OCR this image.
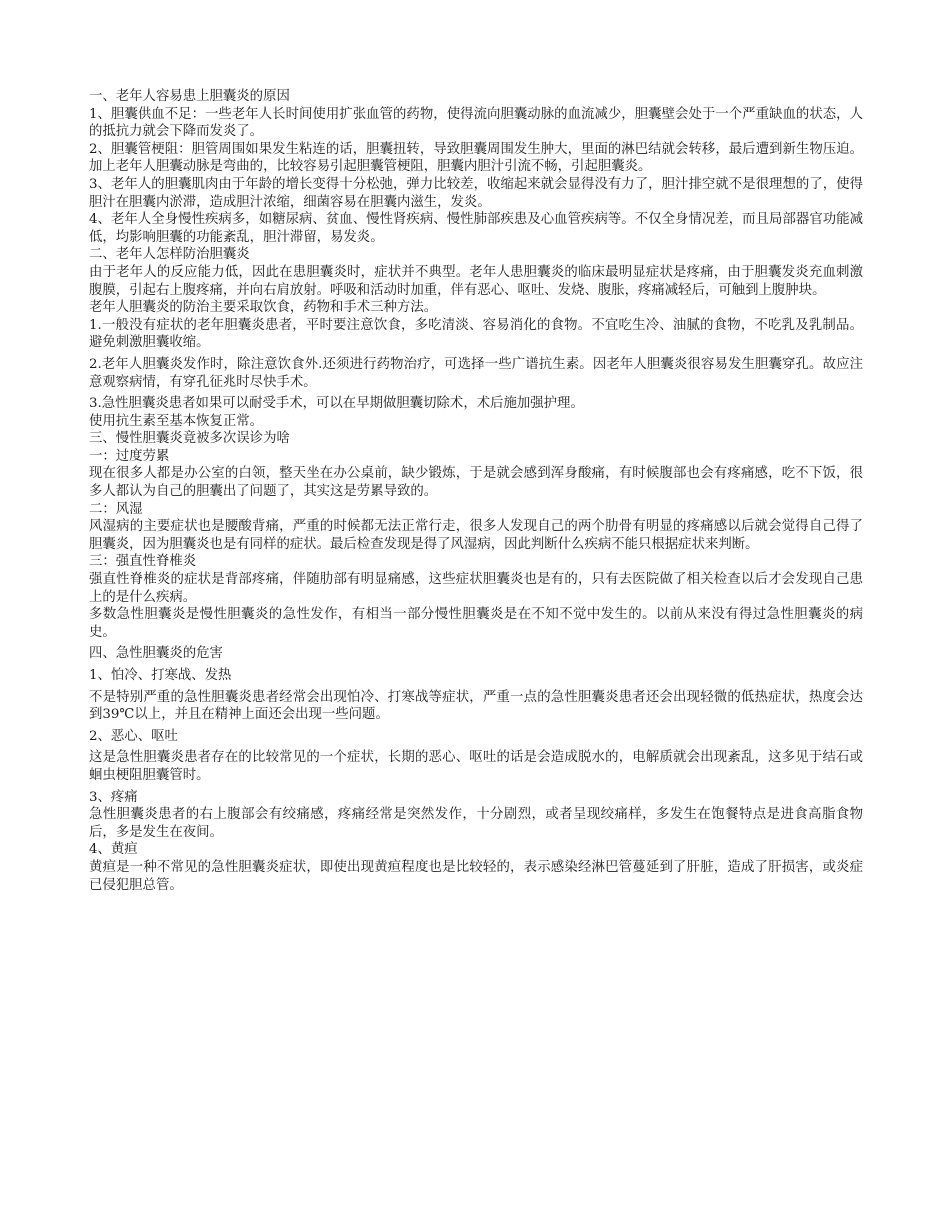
一、老年人容易患上胆囊炎的原因

1、胆囊供血不足：一些老年人长时间使用扩张血管的药物，使得流向胆囊动脉的血流减少，胆囊壁会处于一个严重缺血的状态，人的抵抗力就会下降而发炎了。

2、胆囊管梗阻：胆管周围如果发生粘连的话，胆囊扭转，导致胆囊周围发生肿大，里面的淋巴结就会转移，最后遭到新生物压迫。加上老年人胆囊动脉是弯曲的，比较容易引起胆囊管梗阻，胆囊内胆汁引流不畅，引起胆囊炎。

3、老年人的胆囊肌肉由于年龄的增长变得十分松弛，弹力比较差，收缩起来就会显得没有力了，胆汁排空就不是很理想的了，使得胆汁在胆囊内淤滞，造成胆汁浓缩，细菌容易在胆囊内滋生，发炎。

4、老年人全身慢性疾病多，如糖尿病、贫血、慢性肾疾病、慢性肺部疾患及心血管疾病等。不仅全身情况差，而且局部器官功能减低，均影响胆囊的功能紊乱，胆汁滞留，易发炎。

二、老年人怎样防治胆囊炎

由于老年人的反应能力低，因此在患胆囊炎时，症状并不典型。老年人患胆囊炎的临床最明显症状是疼痛，由于胆囊发炎充血刺激腹膜，引起右上腹疼痛，并向右肩放射。呼吸和活动时加重，伴有恶心、呕吐、发烧、腹胀，疼痛减轻后，可触到上腹肿块。

老年人胆囊炎的防治主要采取饮食，药物和手术三种方法。

1.一般没有症状的老年胆囊炎患者，平时要注意饮食，多吃清淡、容易消化的食物。不宜吃生冷、油腻的食物，不吃乳及乳制品。避免刺激胆囊收缩。

2.老年人胆囊炎发作时，除注意饮食外.还须进行药物治疗，可选择一些广谱抗生素。因老年人胆囊炎很容易发生胆囊穿孔。故应注意观察病情，有穿孔征兆时尽快手术。

3.急性胆囊炎患者如果可以耐受手术，可以在早期做胆囊切除术，术后施加强护理。

使用抗生素至基本恢复正常。

三、慢性胆囊炎竟被多次误诊为啥

一：过度劳累

现在很多人都是办公室的白领，整天坐在办公桌前，缺少锻炼，于是就会感到浑身酸痛，有时候腹部也会有疼痛感，吃不下饭，很多人都认为自己的胆囊出了问题了，其实这是劳累导致的。

二：风湿

风湿病的主要症状也是腰酸背痛，严重的时候都无法正常行走，很多人发现自己的两个肋骨有明显的疼痛感以后就会觉得自己得了胆囊炎，因为胆囊炎也是有同样的症状。最后检查发现是得了风湿病，因此判断什么疾病不能只根据症状来判断。

三：强直性脊椎炎

强直性脊椎炎的症状是背部疼痛，伴随肋部有明显痛感，这些症状胆囊炎也是有的，只有去医院做了相关检查以后才会发现自己患上的是什么疾病。

多数急性胆囊炎是慢性胆囊炎的急性发作，有相当一部分慢性胆囊炎是在不知不觉中发生的。以前从来没有得过急性胆囊炎的病史。

四、急性胆囊炎的危害

1、怕冷、打寒战、发热

不是特别严重的急性胆囊炎患者经常会出现怕冷、打寒战等症状，严重一点的急性胆囊炎患者还会出现轻微的低热症状，热度会达到39℃以上，并且在精神上面还会出现一些问题。

2、恶心、呕吐

这是急性胆囊炎患者存在的比较常见的一个症状，长期的恶心、呕吐的话是会造成脱水的，电解质就会出现紊乱，这多见于结石或蛔虫梗阻胆囊管时。

3、疼痛

急性胆囊炎患者的右上腹部会有绞痛感，疼痛经常是突然发作，十分剧烈，或者呈现绞痛样，多发生在饱餐特点是进食高脂食物后，多是发生在夜间。

4、黄疸

黄疸是一种不常见的急性胆囊炎症状，即使出现黄疸程度也是比较轻的，表示感染经淋巴管蔓延到了肝脏，造成了肝损害，或炎症已侵犯胆总管。
